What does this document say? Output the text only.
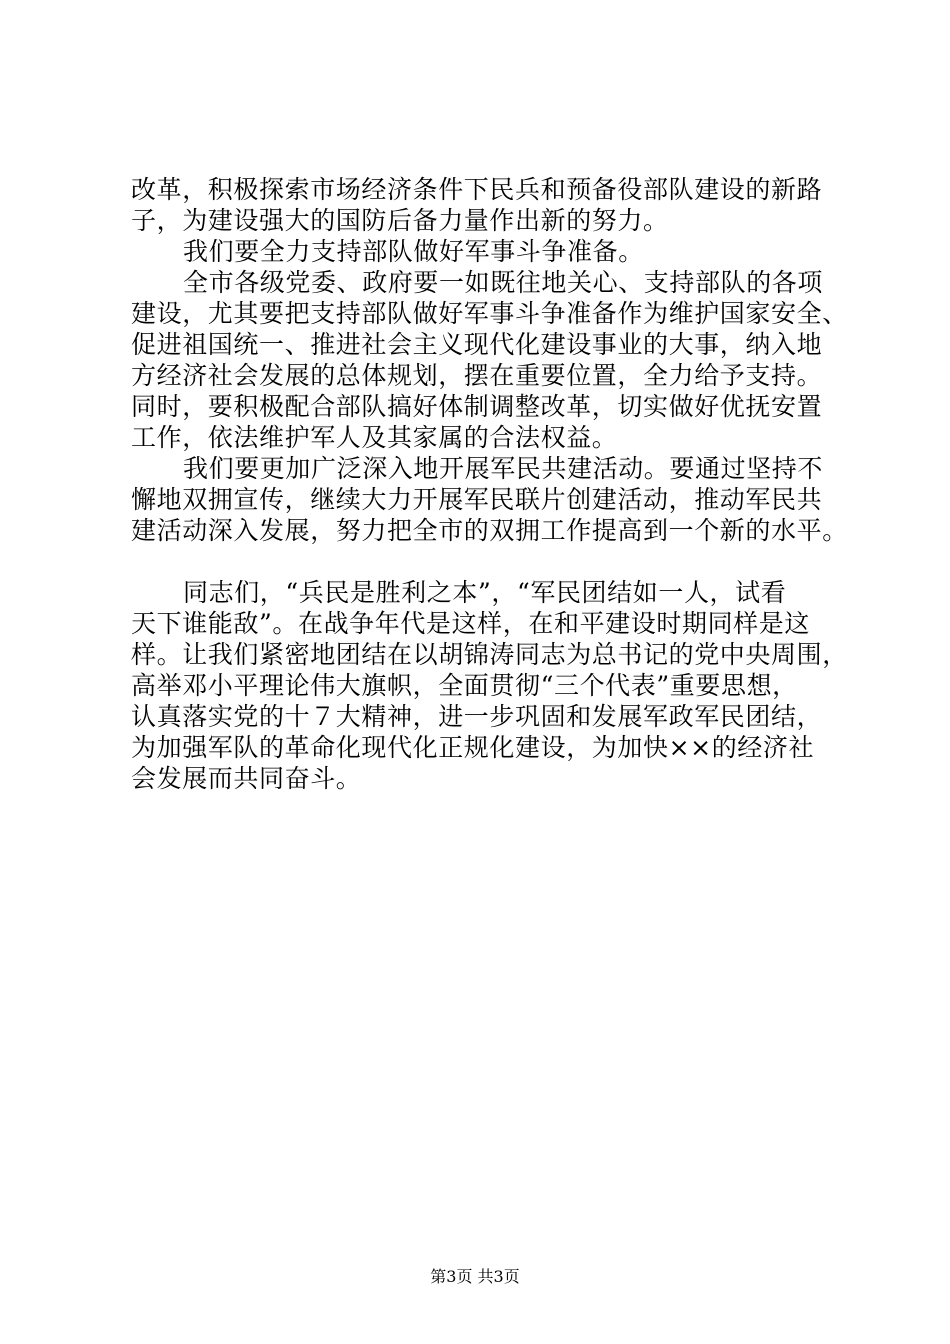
改革，积极探索市场经济条件下民兵和预备役部队建设的新路
子，为建设强大的国防后备力量作出新的努力。
我们要全力支持部队做好军事斗争准备。
全市各级党委、政府要一如既往地关心、支持部队的各项
建设，尤其要把支持部队做好军事斗争准备作为维护国家安全、
促进祖国统一、推进社会主义现代化建设事业的大事，纳入地
方经济社会发展的总体规划，摆在重要位置，全力给予支持。
同时，要积极配合部队搞好体制调整改革，切实做好优抚安置
工作，依法维护军人及其家属的合法权益。
我们要更加广泛深入地开展军民共建活动。要通过坚持不
懈地双拥宣传，继续大力开展军民联片创建活动，推动军民共
建活动深入发展，努力把全市的双拥工作提高到一个新的水平。
同志们，“兵民是胜利之本”，“军民团结如一人，试看
天下谁能敌”。在战争年代是这样，在和平建设时期同样是这
样。让我们紧密地团结在以胡锦涛同志为总书记的党中央周围，
高举邓小平理论伟大旗帜，全面贯彻“三个代表”重要思想，
认真落实党的十７大精神，进一步巩固和发展军政军民团结，
为加强军队的革命化现代化正规化建设，为加快××的经济社
会发展而共同奋斗。
第3页 共3页
